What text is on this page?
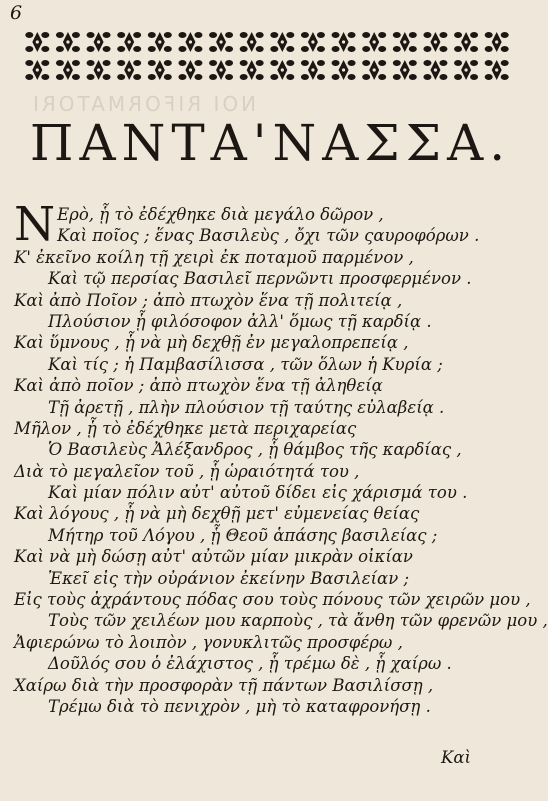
NOI RIFORMATORI
6
ΠΑΝΤΑ'ΝΑΣΣΑ.
Ν Ερὸ, ᾗ τὸ ἐδέχθηκε διὰ μεγάλο δῶρον ,
Καὶ ποῖος ; ἕνας Βασιλεὺς , ὄχι τῶν ςαυροφόρων .
Κ' ἐκεῖνο κοίλη τῇ χειρὶ ἐκ ποταμοῦ παρμένον ,
Καὶ τῷ περσίας Βασιλεῖ περνῶντι προσφερμένον .
Καὶ ἀπὸ Ποῖον ; ἀπὸ πτωχὸν ἕνα τῇ πολιτείᾳ ,
Πλούσιον ᾗ φιλόσοφον ἀλλ' ὅμως τῇ καρδίᾳ .
Καὶ ὕμνους , ᾗ νὰ μὴ δεχθῇ ἐν μεγαλοπρεπείᾳ ,
Καὶ τίς ; ἡ Παμβασίλισσα , τῶν ὅλων ἡ Κυρία ;
Καὶ ἀπὸ ποῖον ; ἀπὸ πτωχὸν ἕνα τῇ ἀληθείᾳ
Τῇ ἀρετῇ , πλὴν πλούσιον τῇ ταύτης εὐλαβείᾳ .
Μῆλον , ᾗ τὸ ἐδέχθηκε μετὰ περιχαρείας
Ὁ Βασιλεὺς Ἀλέξανδρος , ᾗ θάμβος τῆς καρδίας ,
Διὰ τὸ μεγαλεῖον τοῦ , ᾗ ὡραιότητά του ,
Καὶ μίαν πόλιν αὐτ' αὐτοῦ δίδει εἰς χάρισμά του .
Καὶ λόγους , ᾗ νὰ μὴ δεχθῇ μετ' εὐμενείας θείας
Μήτηρ τοῦ Λόγου , ᾗ Θεοῦ ἁπάσης βασιλείας ;
Καὶ νὰ μὴ δώσῃ αὐτ' αὐτῶν μίαν μικρὰν οἰκίαν
Ἐκεῖ εἰς τὴν οὐράνιον ἐκείνην Βασιλείαν ;
Εἰς τοὺς ἀχράντους πόδας σου τοὺς πόνους τῶν χειρῶν μου ,
Τοὺς τῶν χειλέων μου καρποὺς , τὰ ἄνθη τῶν φρενῶν μου ,
Ἀφιερώνω τὸ λοιπὸν , γονυκλιτῶς προσφέρω ,
Δοῦλός σου ὁ ἐλάχιστος , ᾗ τρέμω δὲ , ᾗ χαίρω .
Χαίρω διὰ τὴν προσφορὰν τῇ πάντων Βασιλίσσῃ ,
Τρέμω διὰ τὸ πενιχρὸν , μὴ τὸ καταφρονήσῃ .
Καὶ
